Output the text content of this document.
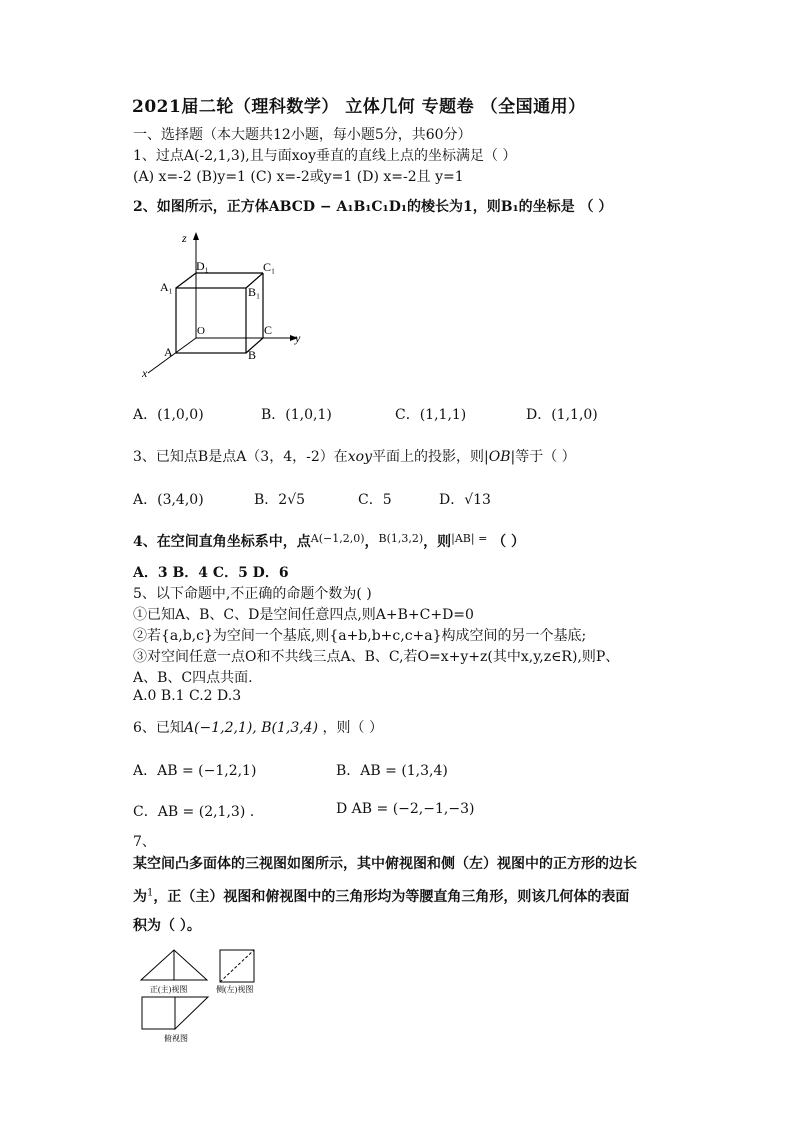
2021届二轮（理科数学） 立体几何 专题卷 （全国通用）
一、选择题（本大题共12小题，每小题5分，共60分）
1、过点A(-2,1,3),且与面xoy垂直的直线上点的坐标满足（ ）
(A) x=-2 (B)y=1 (C) x=-2或y=1 (D) x=-2且 y=1
2、如图所示，正方体ABCD − A₁B₁C₁D₁的棱长为1，则B₁的坐标是 （ ）
z
y
x
O
A	B
C
A₁	B₁
C₁
D₁
A．(1,0,0)	B．(1,0,1)	C．(1,1,1)	D．(1,1,0)
3、已知点B是点A（3，4，-2）在xoy平面上的投影，则|OB|等于（ ）
A．(3,4,0)	B．2√5	C．5	D．√13
4、在空间直角坐标系中，点$^{A(-1,2,0)}$，$^{B(1,3,2)}$，则$^{|AB| =}$ （ ）
A．3 B．4 C．5 D．6
5、以下命题中,不正确的命题个数为( )
①已知A、B、C、D是空间任意四点,则A+B+C+D=0
②若{a,b,c}为空间一个基底,则{a+b,b+c,c+a}构成空间的另一个基底;
③对空间任意一点O和不共线三点A、B、C,若O=x+y+z(其中x,y,z∈R),则P、
A、B、C四点共面.
A.0 B.1 C.2 D.3
6、已知A(−1,2,1), B(1,3,4) ，则（ ）
A．AB = (−1,2,1)	B．AB = (1,3,4)
C．AB = (2,1,3) .	D AB = (−2,−1,−3)
7、
某空间凸多面体的三视图如图所示，其中俯视图和侧（左）视图中的正方形的边长
为$^1$，正（主）视图和俯视图中的三角形均为等腰直角三角形，则该几何体的表面
积为（ ）。
正(主)视图	侧(左)视图
俯视图
